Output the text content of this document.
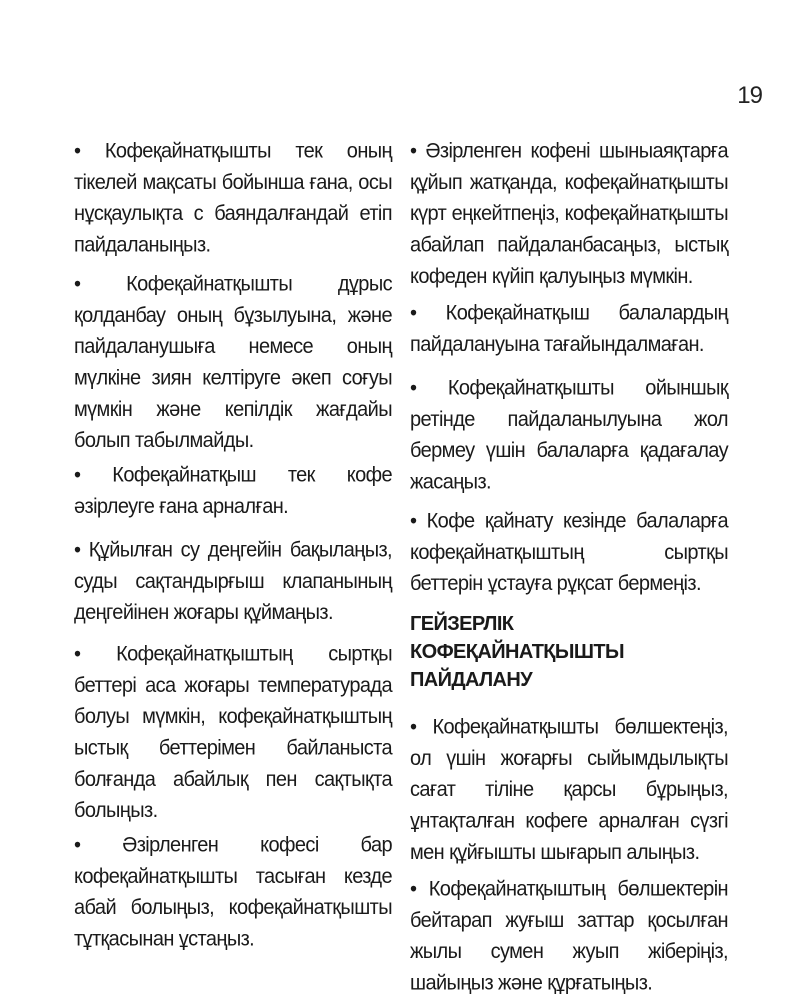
19

• Кофеқайнатқышты тек оның тікелей мақсаты бойынша ғана, осы нұсқаулықта с баяндалғандай етіп пайдаланыңыз.

• Кофеқайнатқышты дұрыс қолданбау оның бұзылуына, және пайдаланушыға немесе оның мүлкіне зиян келтіруге әкеп соғуы мүмкін және кепілдік жағдайы болып табылмайды.

• Кофеқайнатқыш тек кофе әзірлеуге ғана арналған.

• Құйылған су деңгейін бақылаңыз, суды сақтандырғыш клапанының деңгейінен жоғары құймаңыз.

• Кофеқайнатқыштың сыртқы беттері аса жоғары температурада болуы мүмкін, кофеқайнатқыштың ыстық беттерімен байланыста болғанда абайлық пен сақтықта болыңыз.

• Әзірленген кофесі бар кофеқайнатқышты тасыған кезде абай болыңыз, кофеқайнатқышты тұтқасынан ұстаңыз.

• Әзірленген кофені шыныаяқтарға құйып жатқанда, кофеқайнатқышты күрт еңкейтпеңіз, кофеқайнатқышты абайлап пайдаланбасаңыз, ыстық кофеден күйіп қалуыңыз мүмкін.

• Кофеқайнатқыш балалардың пайдалануына тағайындалмаған.

• Кофеқайнатқышты ойыншық ретінде пайдаланылуына жол бермеу үшін балаларға қадағалау жасаңыз.

• Кофе қайнату кезінде балаларға кофеқайнатқыштың сыртқы беттерін ұстауға рұқсат бермеңіз.

ГЕЙЗЕРЛІК КОФЕҚАЙНАТҚЫШТЫ ПАЙДАЛАНУ

• Кофеқайнатқышты бөлшектеңіз, ол үшін жоғарғы сыйымдылықты сағат тіліне қарсы бұрыңыз, ұнтақталған кофеге арналған сүзгі мен құйғышты шығарып алыңыз.

• Кофеқайнатқыштың бөлшектерін бейтарап жуғыш заттар қосылған жылы сумен жуып жіберіңіз, шайыңыз және құрғатыңыз.
